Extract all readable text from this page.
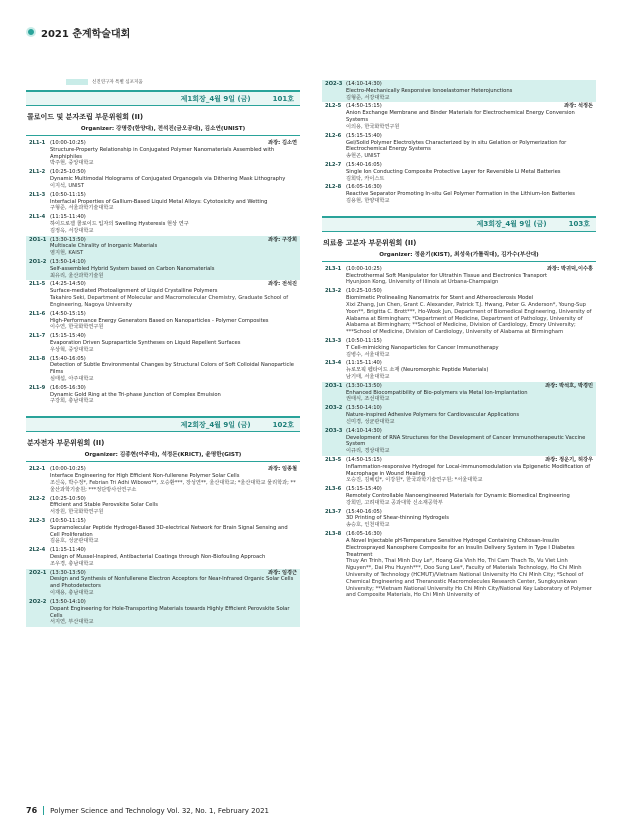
2021 춘계학술대회
신진연구자 특별 심포지움
제1회장_4월 9일 (금)	101호
콜로이드 및 분자조립 부문위원회 (II)
Organizer: 강명중(한양대), 전석진(금오공대), 김소연(UNIST)
2L1-1 (10:00-10:25)	좌장: 김소연
Structure-Property Relationship in Conjugated Polymer Nanomaterials Assembled with Amphiphiles
박주현, 중앙대학교
2L1-2 (10:25-10:50)
Dynamic Multimodal Holograms of Conjugated Organogels via Dithering Mask Lithography
이지석, UNIST
2L1-3 (10:50-11:15)
Interfacial Properties of Gallium-Based Liquid Metal Alloys: Cytotoxicity and Wetting
구형준, 서울과학기술대학교
2L1-4 (11:15-11:40)
하이드로겔 콜로이드 입자의 Swelling Hysteresis 현상 연구
김정옥, 서강대학교
2O1-1 (13:30-13:50)	좌장: 구강희
Multiscale Chirality of Inorganic Materials
염지현, KAIST
2O1-2 (13:50-14:10)
Self-assembled Hybrid System based on Carbon Nanomaterials
최유리, 울산과학기술원
2L1-5 (14:25-14:50)	좌장: 전석진
Surface-mediated Photoalignment of Liquid Crystalline Polymers
Takahiro Seki, Department of Molecular and Macromolecular Chemistry, Graduate School of Engineering, Nagoya University
2L1-6 (14:50-15:15)
High-Performance Energy Generators Based on Nanoparticles - Polymer Composites
이수연, 한국화학연구원
2L1-7 (15:15-15:40)
Evaporation Driven Supraparticle Syntheses on Liquid Repellent Surfaces
우상혁, 중앙대학교
2L1-8 (15:40-16:05)
Detection of Subtle Environmental Changes by Structural Colors of Soft Colloidal Nanoparticle Films
심태섭, 아주대학교
2L1-9 (16:05-16:30)
Dynamic Gold Ring at the Tri-phase Junction of Complex Emulsion
구강희, 충남대학교
제2회장_4월 9일 (금)	102호
분자전자 부문위원회 (II)
Organizer: 김종현(아주대), 석정돈(KRICT), 윤명한(GIST)
2L2-1 (10:00-10:25)	좌장: 임종철
Interface Engineering for High Efficient Non-fullerene Polymer Solar Cells
조신욱, 박수정*, Febrian Tri Adhi Wibowo**, 오승환***, 장성연**, 울산대학교; *울산대학교 물리학과; **울산과학기술원; ***정단방사선연구소
2L2-2 (10:25-10:50)
Efficient and Stable Perovskite Solar Cells
서장원, 한국화학연구원
2L2-3 (10:50-11:15)
Supramolecular Peptide Hydrogel-Based 3D-electrical Network for Brain Signal Sensing and Cell Proliferation
김윤호, 성균관대학교
2L2-4 (11:15-11:40)
Design of Mussel-Inspired, Antibacterial Coatings through Non-Biofouling Approach
조우경, 충남대학교
2O2-1 (13:30-13:50)	좌장: 임경근
Design and Synthesis of Nonfullerene Electron Acceptors for Near-Infrared Organic Solar Cells and Photodetectors
이재용, 충남대학교
2O2-2 (13:50-14:10)
Dopant Engineering for Hole-Transporting Materials towards Highly Efficient Perovskite Solar Cells
서지연, 부산대학교
2O2-3 (14:10-14:30)
Electro-Mechanically Responsive Ionoelastomer Heterojunctions
김형준, 서강대학교
2L2-5 (14:50-15:15)	좌장: 석정돈
Anion Exchange Membrane and Binder Materials for Electrochemical Energy Conversion Systems
이의용, 한국화학연구원
2L2-6 (15:15-15:40)
Gel/Solid Polymer Electrolytes Characterized by in situ Gelation or Polymerization for Electrochemical Energy Systems
송현곤, UNIST
2L2-7 (15:40-16:05)
Single Ion Conducting Composite Protective Layer for Reversible Li Metal Batteries
김희탁, 카이스트
2L2-8 (16:05-16:30)
Reactive Separator Promoting In-situ Gel Polymer Formation in the Lithium-Ion Batteries
김용현, 한양대학교
제3회장_4월 9일 (금)	103호
의료용 고분자 부문위원회 (II)
Organizer: 정윤기(KIST), 최성욱(가톨릭대), 김가수(부산대)
2L3-1 (10:00-10:25)	좌장: 박귀덕,이수홍
Electrothermal Soft Manipulator for Ultrathin Tissue and Electronics Transport
Hyunjoon Kong, University of Illinois at Urbana-Champaign
2L3-2 (10:25-10:50)
Biomimetic Prolinealing Nanomatrix for Stent and Atherosclerosis Model
Xixi Zhang, Jun Chen, Grant C. Alexander, Patrick T.J. Hwang, Peter G. Anderson*, Young-Sup Yoon**, Brigitta C. Brott***, Ho-Wook Jun, Department of Biomedical Engineering, University of Alabama at Birmingham; *Department of Medicine, Department of Pathology, University of Alabama at Birmingham; **School of Medicine, Division of Cardiology, Emory University; ***School of Medicine, Division of Cardiology, University of Alabama at Birmingham
2L3-3 (10:50-11:15)
T Cell-mimicking Nanoparticles for Cancer Immunotherapy
김병수, 서울대학교
2L3-4 (11:15-11:40)
뉴로모픽 펩타이드 소재 (Neuromorphic Peptide Materials)
남기태, 서울대학교
2O3-1 (13:30-13:50)	좌장: 박석호, 박경민
Enhanced Biocompatibility of Bio-polymers via Metal Ion-Implantation
권태식, 조선대학교
2O3-2 (13:50-14:10)
Nature-inspired Adhesive Polymers for Cardiovascular Applications
신미경, 성균관대학교
2O3-3 (14:10-14:30)
Development of RNA Structures for the Development of Cancer Immunotherapeutic Vaccine System
이규리, 경상대학교
2L3-5 (14:50-15:15)	좌장: 정운기, 허강우
Inflammation-responsive Hydrogel for Local-immunomodulation via Epigenetic Modification of Macrophage in Wound Healing
오승진, 김혜림*, 이강원*, 한국과학기술연구원; *서울대학교
2L3-6 (15:15-15:40)
Remotely Controllable Nanoengineered Materials for Dynamic Biomedical Engineering
강희민, 고려대학교 공과대학 신소재공학부
2L3-7 (15:40-16:05)
3D Printing of Shear-thinning Hydrogels
송승호, 인천대학교
2L3-8 (16:05-16:30)
A Novel Injectable pH-Temperature Sensitive Hydrogel Containing Chitosan-Insulin Electrosprayed Nanosphere Composite for an Insulin Delivery System in Type I Diabetes Treatment
Thuy An Trinh, Thai Minh Duy Le*, Hoang Gia Vinh Ho, Thi Cam Thach To, Vu Viet Linh Nguyen**, Dai Phu Huynh***, Doo Sung Lee*, Faculty of Materials Technology, Ho Chi Minh University of Technology (HCMUT)/Vietnam National University Ho Chi Minh City; *School of Chemical Engineering and Theranostic Macromolecules Research Center, Sungkyunkwan University; **Vietnam National University Ho Chi Minh City/National Key Laboratory of Polymer and Composite Materials, Ho Chi Minh University of
76 Polymer Science and Technology Vol. 32, No. 1, February 2021
